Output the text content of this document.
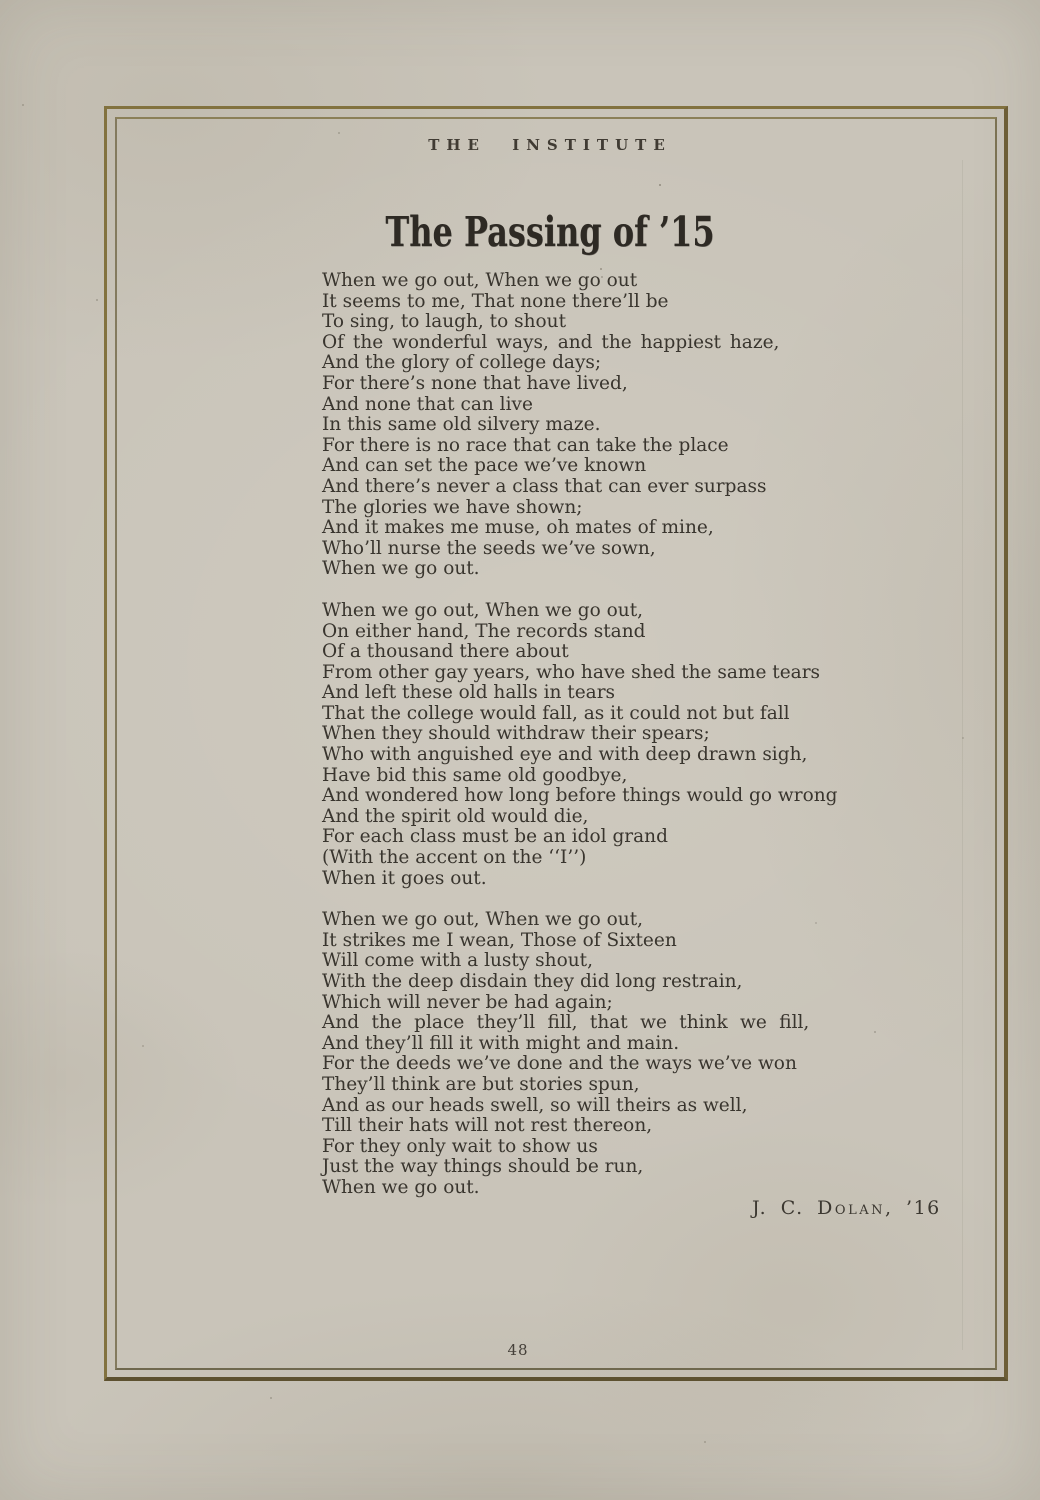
THE INSTITUTE
The Passing of ’15
When we go out, When we go out
It seems to me, That none there’ll be
To sing, to laugh, to shout
Of the wonderful ways, and the happiest haze,
And the glory of college days;
For there’s none that have lived,
And none that can live
In this same old silvery maze.
For there is no race that can take the place
And can set the pace we’ve known
And there’s never a class that can ever surpass
The glories we have shown;
And it makes me muse, oh mates of mine,
Who’ll nurse the seeds we’ve sown,
When we go out.
When we go out, When we go out,
On either hand, The records stand
Of a thousand there about
From other gay years, who have shed the same tears
And left these old halls in tears
That the college would fall, as it could not but fall
When they should withdraw their spears;
Who with anguished eye and with deep drawn sigh,
Have bid this same old goodbye,
And wondered how long before things would go wrong
And the spirit old would die,
For each class must be an idol grand
(With the accent on the ‘‘I’’)
When it goes out.
When we go out, When we go out,
It strikes me I wean, Those of Sixteen
Will come with a lusty shout,
With the deep disdain they did long restrain,
Which will never be had again;
And the place they’ll fill, that we think we fill,
And they’ll fill it with might and main.
For the deeds we’ve done and the ways we’ve won
They’ll think are but stories spun,
And as our heads swell, so will theirs as well,
Till their hats will not rest thereon,
For they only wait to show us
Just the way things should be run,
When we go out.
J. C. Dolan, ’16
48
